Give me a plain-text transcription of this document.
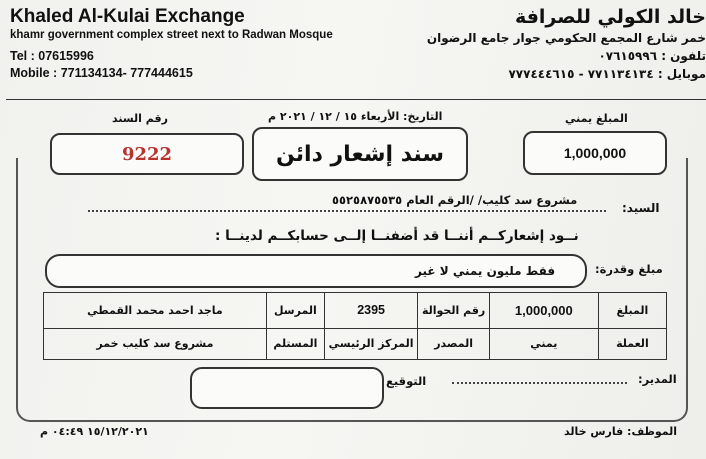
Khaled Al-Kulai Exchange
khamr government complex street next to Radwan Mosque
Tel : 07615996
Mobile : 771134134- 777444615
خالد الكولي للصرافة
خمر شارع المجمع الحكومي جوار جامع الرضوان
تلفون : ٠٧٦١٥٩٩٦
موبايل : ٧٧١١٣٤١٣٤ - ٧٧٧٤٤٤٦١٥
رقم السند
9222
التاريخ: الأربعاء ١٥ / ١٢ / ٢٠٢١ م
سند إشعار دائن
المبلغ يمني
1,000,000
السيد:
مشروع سد كليب/ /الرقم العام ٥٥٢٥٨٧٥٥٣٥
نــود إشعاركــم أننــا قد أضفنــا إلــى حسابكــم لدينــا :
مبلغ وقدرة:
فقط مليون يمني لا غير
ماجد احمد محمد القمطي	المرسل	2395	رقم الحوالة	1,000,000	المبلغ
مشروع سد كليب خمر	المستلم	المركز الرئيسي	المصدر	يمني	العملة
التوقيع	المدير:
١٥/١٢/٢٠٢١ ٠٤:٤٩ م	الموظف: فارس خالد
